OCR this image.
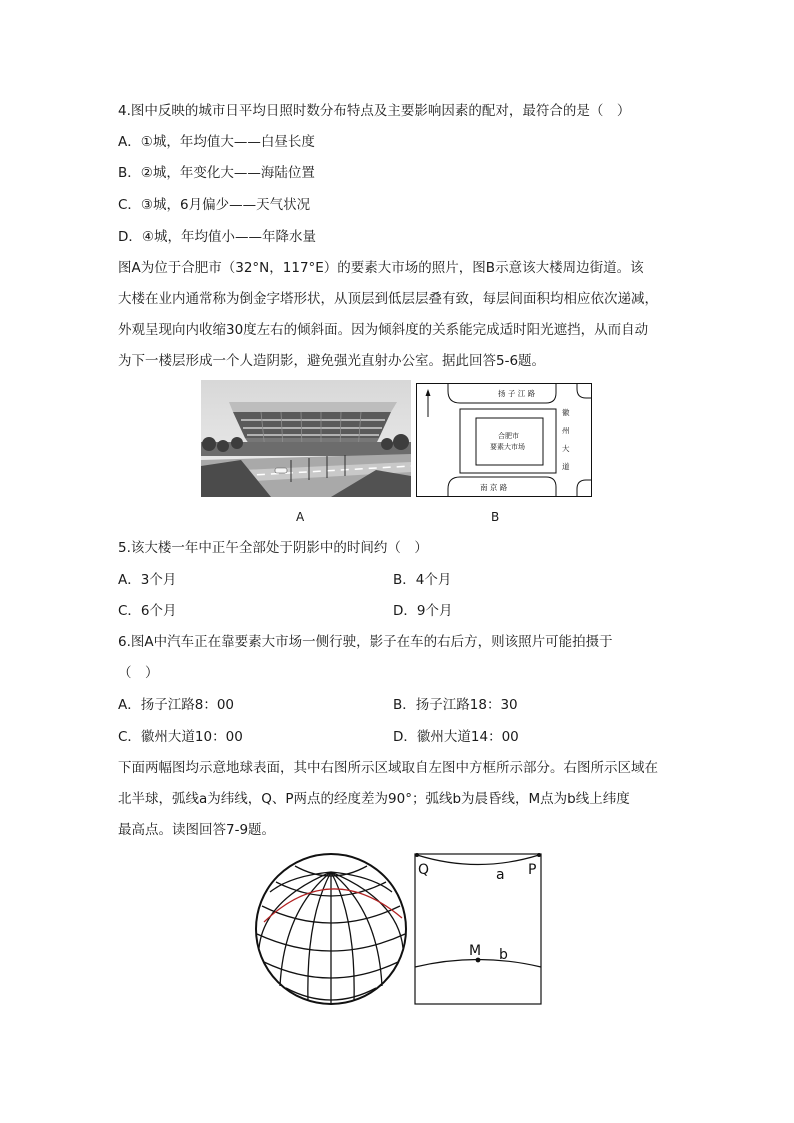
4.图中反映的城市日平均日照时数分布特点及主要影响因素的配对，最符合的是（　）
A．①城，年均值大——白昼长度
B．②城，年变化大——海陆位置
C．③城，6月偏少——天气状况
D．④城，年均值小——年降水量
图A为位于合肥市（32°N，117°E）的要素大市场的照片，图B示意该大楼周边街道。该
大楼在业内通常称为倒金字塔形状，从顶层到低层层叠有致，每层间面积均相应依次递减，
外观呈现向内收缩30度左右的倾斜面。因为倾斜度的关系能完成适时阳光遮挡，从而自动
为下一楼层形成一个人造阴影，避免强光直射办公室。据此回答5-6题。
A
扬 子 江 路
南 京 路
徽
州
大
道
合肥市
要素大市场
B
5.该大楼一年中正午全部处于阴影中的时间约（　）
A．3个月	B．4个月
C．6个月	D．9个月
6.图A中汽车正在靠要素大市场一侧行驶，影子在车的右后方，则该照片可能拍摄于
（　）
A．扬子江路8：00	B．扬子江路18：30
C．徽州大道10：00	D．徽州大道14：00
下面两幅图均示意地球表面，其中右图所示区域取自左图中方框所示部分。右图所示区域在
北半球，弧线a为纬线，Q、P两点的经度差为90°；弧线b为晨昏线，M点为b线上纬度
最高点。读图回答7-9题。
Q	P
a
M b
